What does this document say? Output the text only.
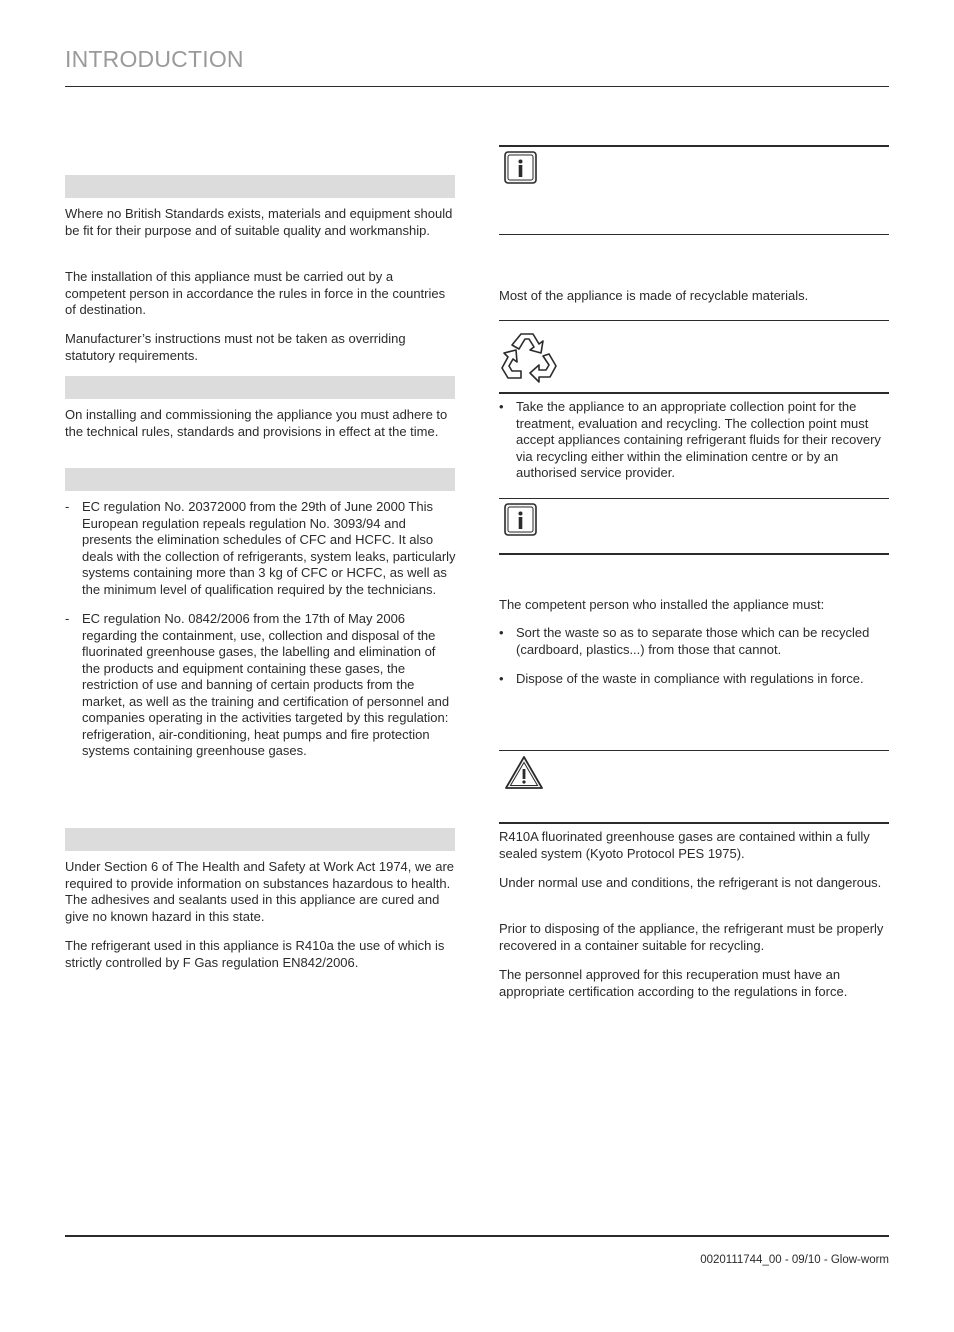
INTRODUCTION

Where no British Standards exists, materials and equipment should be fit for their purpose and of suitable quality and workmanship.

The installation of this appliance must be carried out by a competent person in accordance the rules in force in the countries of destination.

Manufacturer’s instructions must not be taken as overriding statutory requirements.

On installing and commissioning the appliance you must adhere to the technical rules, standards and provisions in effect at the time.

- EC regulation No. 20372000 from the 29th of June 2000 This European regulation repeals regulation No. 3093/94 and presents the elimination schedules of CFC and HCFC. It also deals with the collection of refrigerants, system leaks, particularly systems containing more than 3 kg of CFC or HCFC, as well as the minimum level of qualification required by the technicians.
- EC regulation No. 0842/2006 from the 17th of May 2006 regarding the containment, use, collection and disposal of the fluorinated greenhouse gases, the labelling and elimination of the products and equipment containing these gases, the restriction of use and banning of certain products from the market, as well as the training and certification of personnel and companies operating in the activities targeted by this regulation: refrigeration, air-conditioning, heat pumps and fire protection systems containing greenhouse gases.

Under Section 6 of The Health and Safety at Work Act 1974, we are required to provide information on substances hazardous to health. The adhesives and sealants used in this appliance are cured and give no known hazard in this state.

The refrigerant used in this appliance is R410a the use of which is strictly controlled by F Gas regulation EN842/2006.

Most of the appliance is made of recyclable materials.

• Take the appliance to an appropriate collection point for the treatment, evaluation and recycling. The collection point must accept appliances containing refrigerant fluids for their recovery via recycling either within the elimination centre or by an authorised service provider.

The competent person who installed the appliance must:

• Sort the waste so as to separate those which can be recycled (cardboard, plastics...) from those that cannot.
• Dispose of the waste in compliance with regulations in force.

R410A fluorinated greenhouse gases are contained within a fully sealed system (Kyoto Protocol PES 1975).

Under normal use and conditions, the refrigerant is not dangerous.

Prior to disposing of the appliance, the refrigerant must be properly recovered in a container suitable for recycling.

The personnel approved for this recuperation must have an appropriate certification according to the regulations in force.

0020111744_00 - 09/10 - Glow-worm
